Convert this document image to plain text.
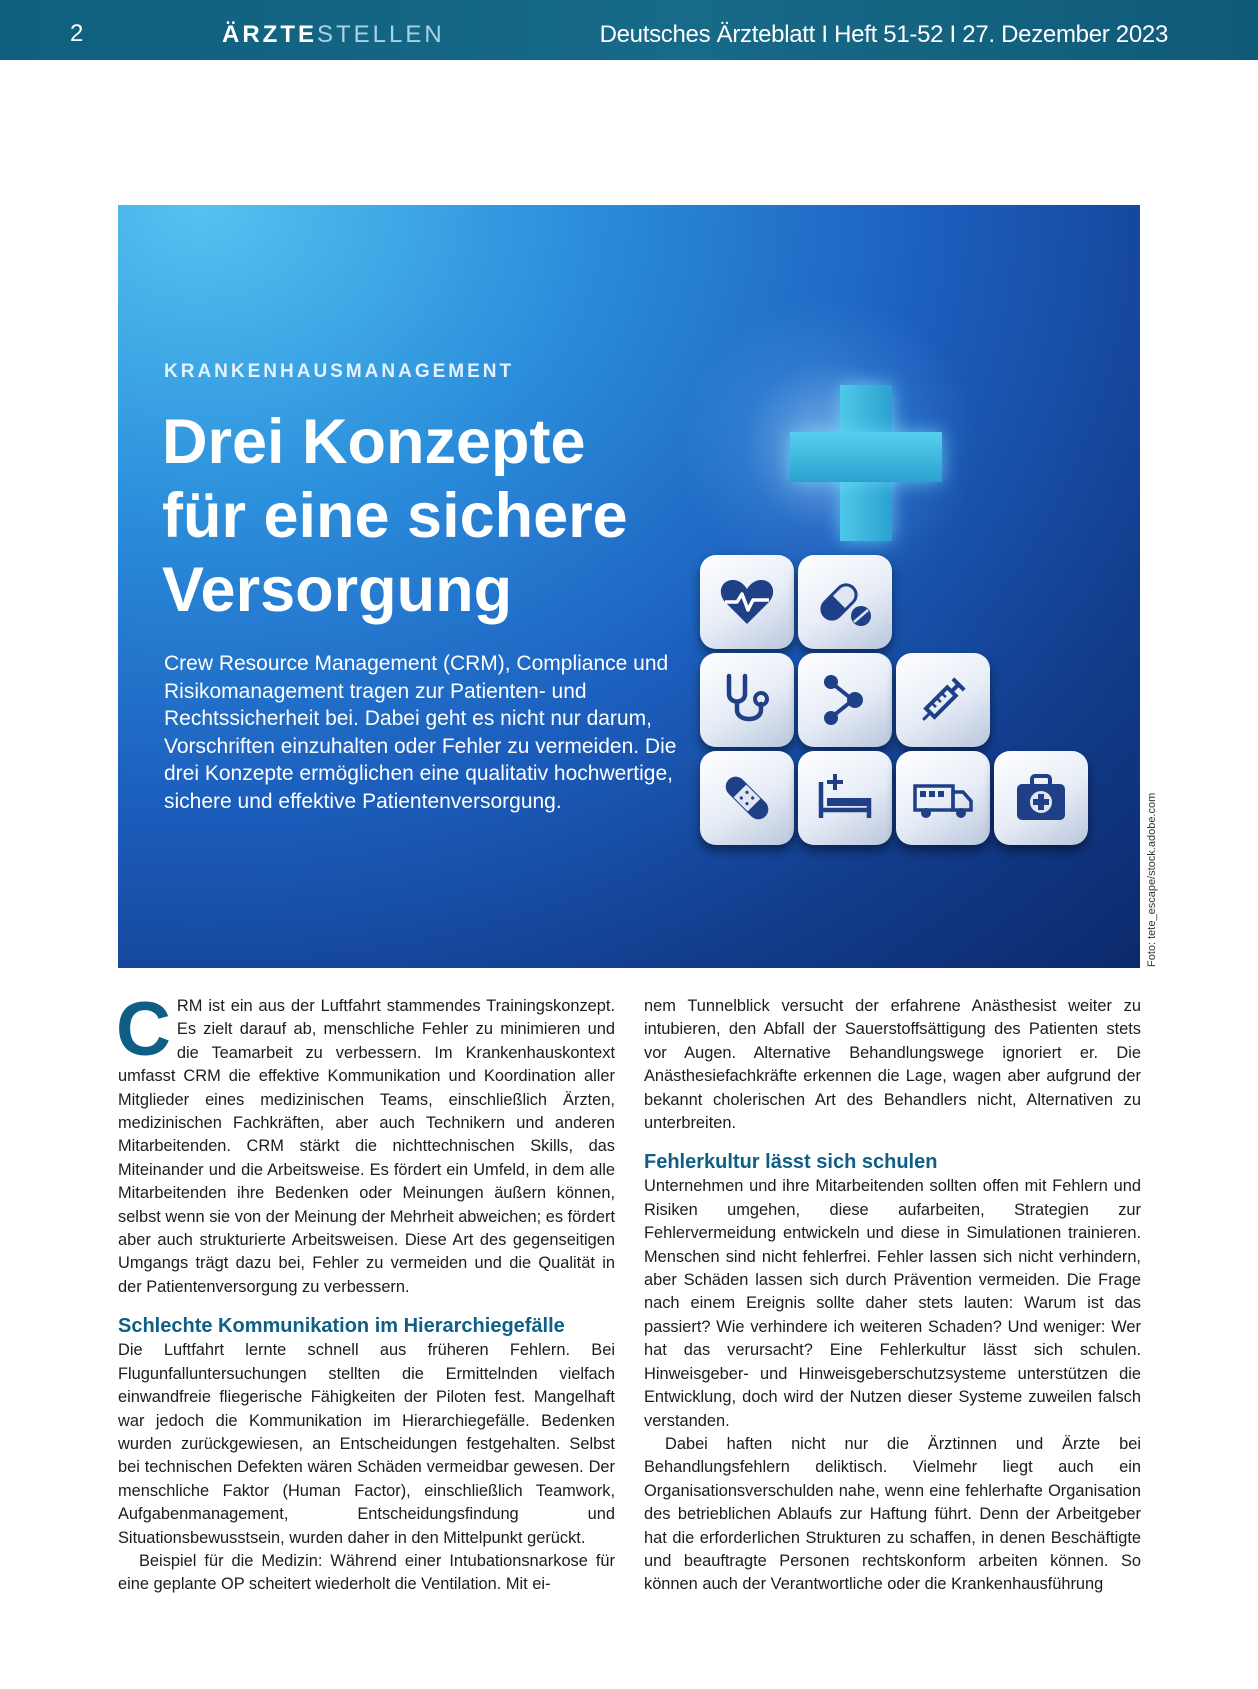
2	ÄRZTESTELLEN	Deutsches Ärzteblatt I Heft 51-52 I 27. Dezember 2023
KRANKENHAUSMANAGEMENT
Drei Konzepte
für eine sichere
Versorgung
Crew Resource Management (CRM), Compliance und Risikomanagement tragen zur Patienten- und Rechtssicherheit bei. Dabei geht es nicht nur darum, Vorschriften einzuhalten oder Fehler zu vermeiden. Die drei Konzepte ermöglichen eine qualitativ hochwertige, sichere und effektive Patientenversorgung.	Foto: tete_escape/stock.adobe.com

CRM ist ein aus der Luftfahrt stammendes Trainingskonzept. Es zielt darauf ab, menschliche Fehler zu minimieren und die Teamarbeit zu verbessern. Im Krankenhauskontext umfasst CRM die effektive Kommunikation und Koordination aller Mitglieder eines medizinischen Teams, einschließlich Ärzten, medizinischen Fachkräften, aber auch Technikern und anderen Mitarbeitenden. CRM stärkt die nichttechnischen Skills, das Miteinander und die Arbeitsweise. Es fördert ein Umfeld, in dem alle Mitarbeitenden ihre Bedenken oder Meinungen äußern können, selbst wenn sie von der Meinung der Mehrheit abweichen; es fördert aber auch strukturierte Arbeitsweisen. Diese Art des gegenseitigen Umgangs trägt dazu bei, Fehler zu vermeiden und die Qualität in der Patientenversorgung zu verbessern.

Schlechte Kommunikation im Hierarchiegefälle

Die Luftfahrt lernte schnell aus früheren Fehlern. Bei Flugunfalluntersuchungen stellten die Ermittelnden vielfach einwandfreie fliegerische Fähigkeiten der Piloten fest. Mangelhaft war jedoch die Kommunikation im Hierarchiegefälle. Bedenken wurden zurückgewiesen, an Entscheidungen festgehalten. Selbst bei technischen Defekten wären Schäden vermeidbar gewesen. Der menschliche Faktor (Human Factor), einschließlich Teamwork, Aufgabenmanagement, Entscheidungsfindung und Situationsbewusstsein, wurden daher in den Mittelpunkt gerückt.

Beispiel für die Medizin: Während einer Intubationsnarkose für eine geplante OP scheitert wiederholt die Ventilation. Mit ei-

nem Tunnelblick versucht der erfahrene Anästhesist weiter zu intubieren, den Abfall der Sauerstoffsättigung des Patienten stets vor Augen. Alternative Behandlungswege ignoriert er. Die Anästhesiefachkräfte erkennen die Lage, wagen aber aufgrund der bekannt cholerischen Art des Behandlers nicht, Alternativen zu unterbreiten.

Fehlerkultur lässt sich schulen

Unternehmen und ihre Mitarbeitenden sollten offen mit Fehlern und Risiken umgehen, diese aufarbeiten, Strategien zur Fehlervermeidung entwickeln und diese in Simulationen trainieren. Menschen sind nicht fehlerfrei. Fehler lassen sich nicht verhindern, aber Schäden lassen sich durch Prävention vermeiden. Die Frage nach einem Ereignis sollte daher stets lauten: Warum ist das passiert? Wie verhindere ich weiteren Schaden? Und weniger: Wer hat das verursacht? Eine Fehlerkultur lässt sich schulen. Hinweisgeber- und Hinweisgeberschutzsysteme unterstützen die Entwicklung, doch wird der Nutzen dieser Systeme zuweilen falsch verstanden.

Dabei haften nicht nur die Ärztinnen und Ärzte bei Behandlungsfehlern deliktisch. Vielmehr liegt auch ein Organisationsverschulden nahe, wenn eine fehlerhafte Organisation des betrieblichen Ablaufs zur Haftung führt. Denn der Arbeitgeber hat die erforderlichen Strukturen zu schaffen, in denen Beschäftigte und beauftragte Personen rechtskonform arbeiten können. So können auch der Verantwortliche oder die Krankenhausführung
